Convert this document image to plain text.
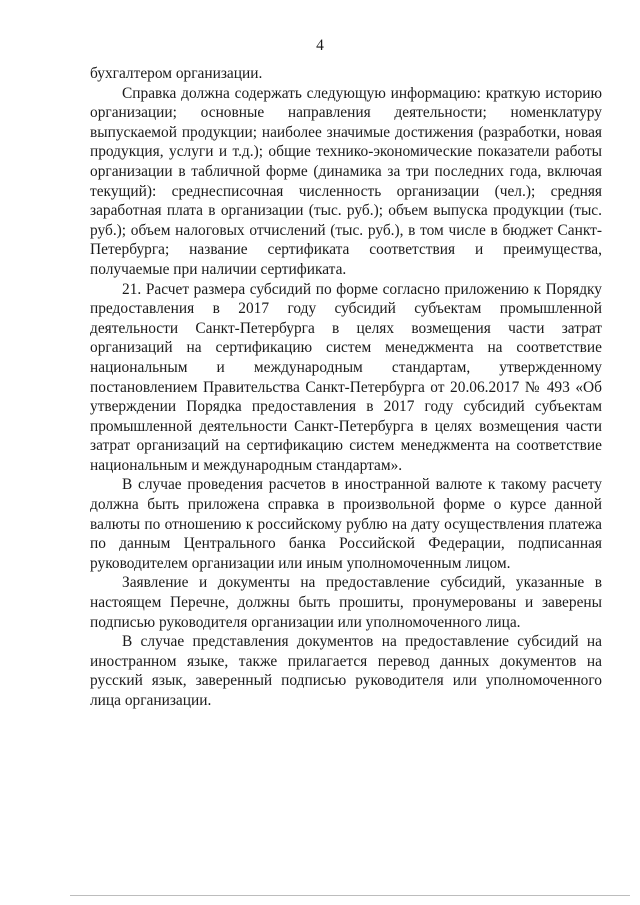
4

бухгалтером организации.

Справка должна содержать следующую информацию: краткую историю организации; основные направления деятельности; номенклатуру выпускаемой продукции; наиболее значимые достижения (разработки, новая продукция, услуги и т.д.); общие технико-экономические показатели работы организации в табличной форме (динамика за три последних года, включая текущий): среднесписочная численность организации (чел.); средняя заработная плата в организации (тыс. руб.); объем выпуска продукции (тыс. руб.); объем налоговых отчислений (тыс. руб.), в том числе в бюджет Санкт-Петербурга; название сертификата соответствия и преимущества, получаемые при наличии сертификата.

21. Расчет размера субсидий по форме согласно приложению к Порядку предоставления в 2017 году субсидий субъектам промышленной деятельности Санкт-Петербурга в целях возмещения части затрат организаций на сертификацию систем менеджмента на соответствие национальным и международным стандартам, утвержденному постановлением Правительства Санкт-Петербурга от 20.06.2017 № 493 «Об утверждении Порядка предоставления в 2017 году субсидий субъектам промышленной деятельности Санкт-Петербурга в целях возмещения части затрат организаций на сертификацию систем менеджмента на соответствие национальным и международным стандартам».

В случае проведения расчетов в иностранной валюте к такому расчету должна быть приложена справка в произвольной форме о курсе данной валюты по отношению к российскому рублю на дату осуществления платежа по данным Центрального банка Российской Федерации, подписанная руководителем организации или иным уполномоченным лицом.

Заявление и документы на предоставление субсидий, указанные в настоящем Перечне, должны быть прошиты, пронумерованы и заверены подписью руководителя организации или уполномоченного лица.

В случае представления документов на предоставление субсидий на иностранном языке, также прилагается перевод данных документов на русский язык, заверенный подписью руководителя или уполномоченного лица организации.
